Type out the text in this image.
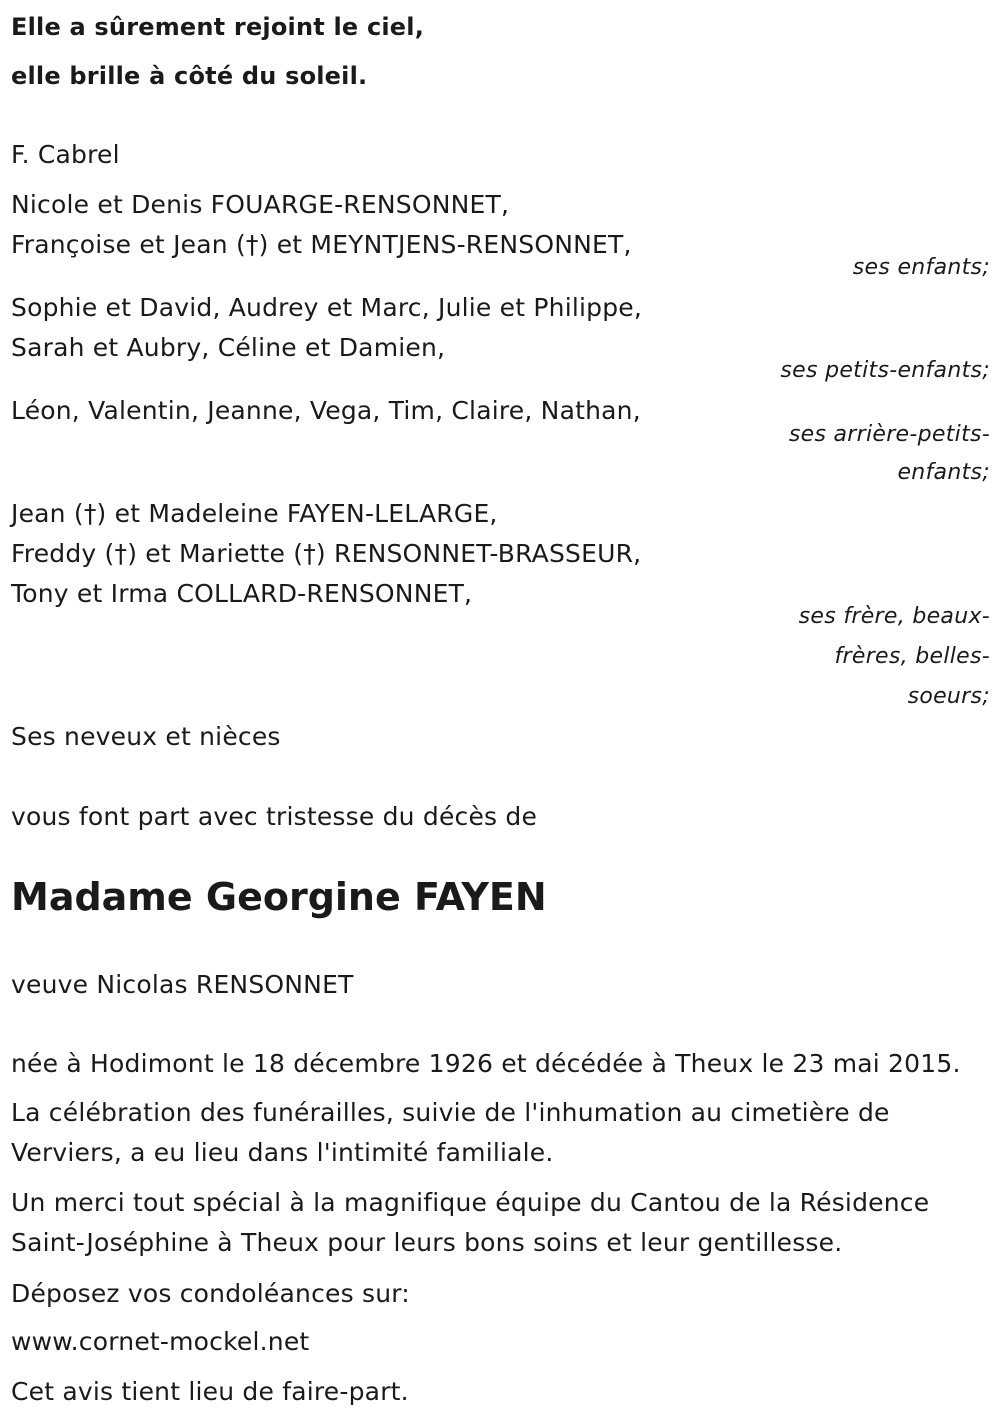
Elle a sûrement rejoint le ciel,
elle brille à côté du soleil.
F. Cabrel
Nicole et Denis FOUARGE-RENSONNET,
Françoise et Jean (†) et MEYNTJENS-RENSONNET,
ses enfants;
Sophie et David, Audrey et Marc, Julie et Philippe,
Sarah et Aubry, Céline et Damien,
ses petits-enfants;
Léon, Valentin, Jeanne, Vega, Tim, Claire, Nathan,
ses arrière-petits-
enfants;
Jean (†) et Madeleine FAYEN-LELARGE,
Freddy (†) et Mariette (†) RENSONNET-BRASSEUR,
Tony et Irma COLLARD-RENSONNET,
ses frère, beaux-
frères, belles-
soeurs;
Ses neveux et nièces
vous font part avec tristesse du décès de
Madame Georgine FAYEN
veuve Nicolas RENSONNET
née à Hodimont le 18 décembre 1926 et décédée à Theux le 23 mai 2015.
La célébration des funérailles, suivie de l'inhumation au cimetière de
Verviers, a eu lieu dans l'intimité familiale.
Un merci tout spécial à la magnifique équipe du Cantou de la Résidence
Saint-Joséphine à Theux pour leurs bons soins et leur gentillesse.
Déposez vos condoléances sur:
www.cornet-mockel.net
Cet avis tient lieu de faire-part.
